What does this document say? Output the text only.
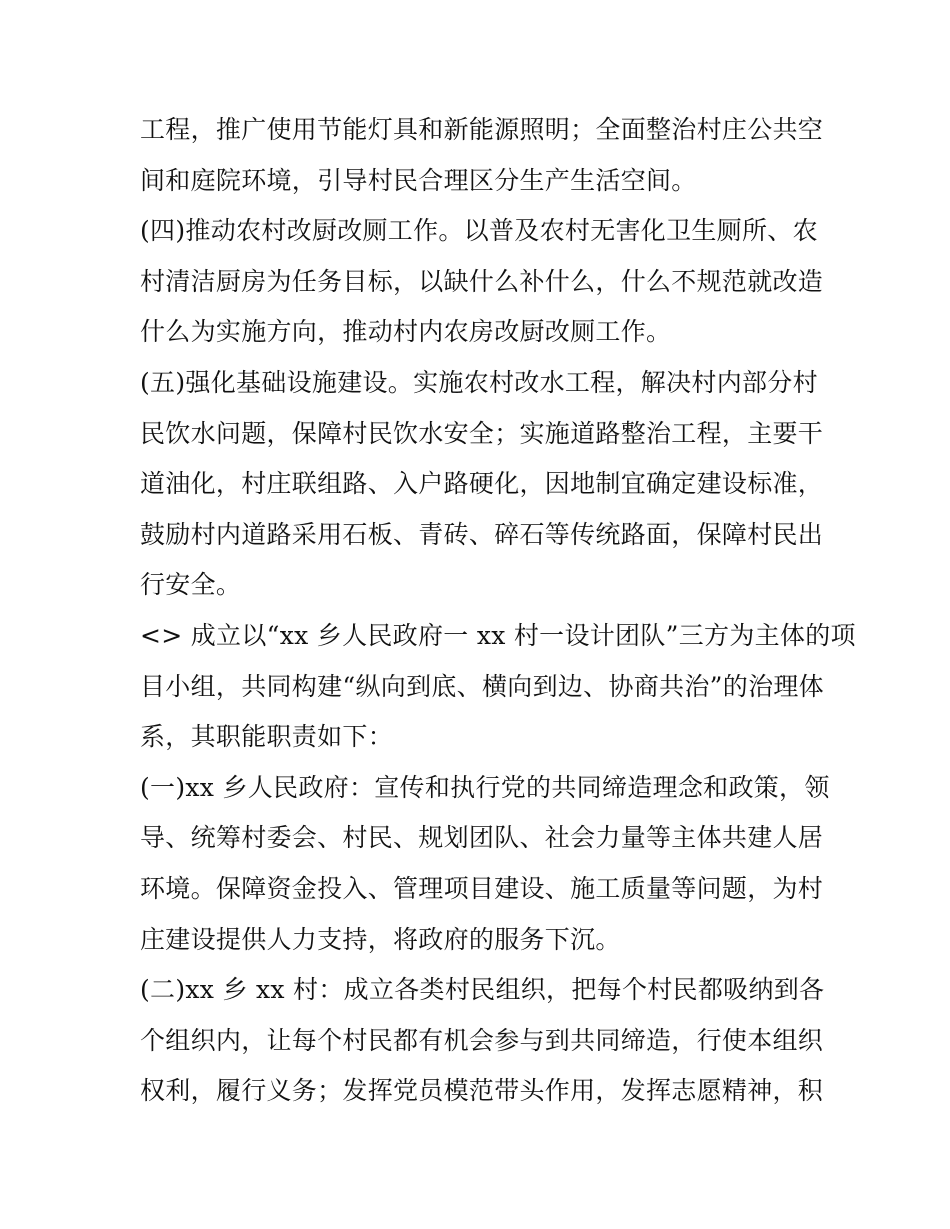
工程，推广使用节能灯具和新能源照明；全面整治村庄公共空
间和庭院环境，引导村民合理区分生产生活空间。
(四)推动农村改厨改厕工作。以普及农村无害化卫生厕所、农
村清洁厨房为任务目标，以缺什么补什么，什么不规范就改造
什么为实施方向，推动村内农房改厨改厕工作。
(五)强化基础设施建设。实施农村改水工程，解决村内部分村
民饮水问题，保障村民饮水安全；实施道路整治工程，主要干
道油化，村庄联组路、入户路硬化，因地制宜确定建设标准，
鼓励村内道路采用石板、青砖、碎石等传统路面，保障村民出
行安全。
<> 成立以“xx 乡人民政府一 xx 村一设计团队”三方为主体的项
目小组，共同构建“纵向到底、横向到边、协商共治”的治理体
系，其职能职责如下：
(一)xx 乡人民政府：宣传和执行党的共同缔造理念和政策，领
导、统筹村委会、村民、规划团队、社会力量等主体共建人居
环境。保障资金投入、管理项目建设、施工质量等问题，为村
庄建设提供人力支持，将政府的服务下沉。
(二)xx 乡 xx 村：成立各类村民组织，把每个村民都吸纳到各
个组织内，让每个村民都有机会参与到共同缔造，行使本组织
权利，履行义务；发挥党员模范带头作用，发挥志愿精神，积
